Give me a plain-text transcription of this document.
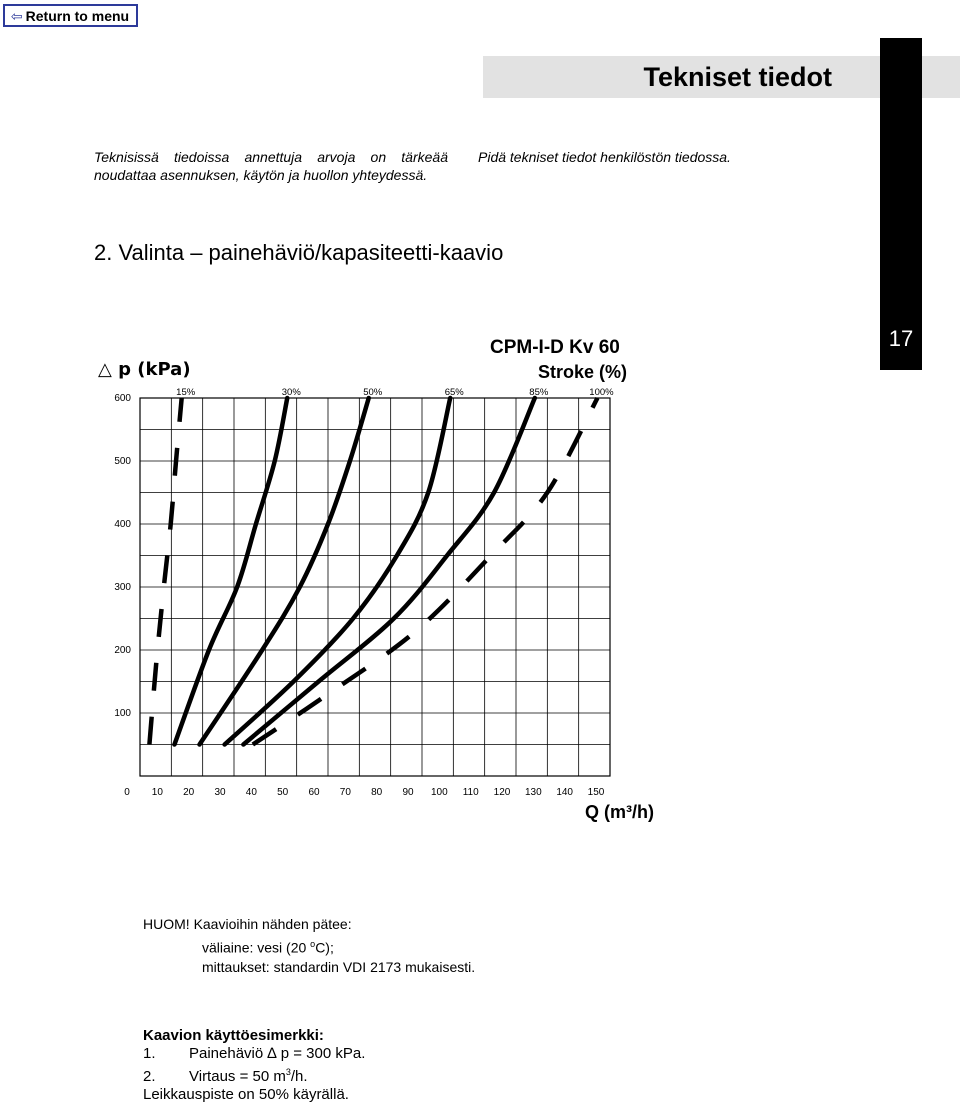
⇦ Return to menu
Tekniset tiedot
17
Teknisissä tiedoissa annettuja arvoja on tärkeää noudattaa asennuksen, käytön ja huollon yhteydessä.
Pidä tekniset tiedot henkilöstön tiedossa.
2. Valinta – painehäviö/kapasiteetti-kaavio
0 10 20 30 40 50 60 70 80 90 100 110 120 130 140 150
100
200
300
400
500
600
15%	30%	50%	65%	85%	100%
CPM-I-D Kv 60
Stroke (%)
△ p (kPa)
Q (m³/h)
HUOM! Kaavioihin nähden pätee:
väliaine: vesi (20 $^o$C);
mittaukset: standardin VDI 2173 mukaisesti.
Kaavion käyttöesimerkki:
1. Painehäviö ∆ p = 300 kPa.
2. Virtaus = 50 $m^3/h$.
Leikkauspiste on 50% käyrällä.
